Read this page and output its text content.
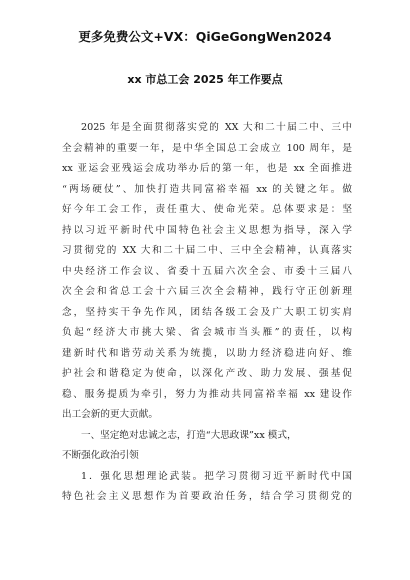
更多免费公文+VX：QiGeGongWen2024
xx 市总工会 2025 年工作要点
2025 年是全面贯彻落实党的 XX 大和二十届二中、三中
全会精神的重要一年，是中华全国总工会成立 100 周年，是
xx 亚运会亚残运会成功举办后的第一年，也是 xx 全面推进
“两场硬仗”、加快打造共同富裕幸福 xx 的关键之年。做
好今年工会工作，责任重大、使命光荣。总体要求是：坚
持以习近平新时代中国特色社会主义思想为指导，深入学
习贯彻党的 XX 大和二十届二中、三中全会精神，认真落实
中央经济工作会议、省委十五届六次全会、市委十三届八
次全会和省总工会十六届三次全会精神，践行守正创新理
念，坚持实干争先作风，团结各级工会及广大职工切实肩
负起“经济大市挑大梁、省会城市当头雁”的责任，以构
建新时代和谐劳动关系为统揽，以助力经济稳进向好、维
护社会和谐稳定为使命，以深化产改、助力发展、强基促
稳、服务提质为牵引，努力为推动共同富裕幸福 xx 建设作
出工会新的更大贡献。
一、坚定绝对忠诚之志，打造“大思政课”xx 模式，
不断强化政治引领
1．强化思想理论武装。把学习贯彻习近平新时代中国
特色社会主义思想作为首要政治任务，结合学习贯彻党的
